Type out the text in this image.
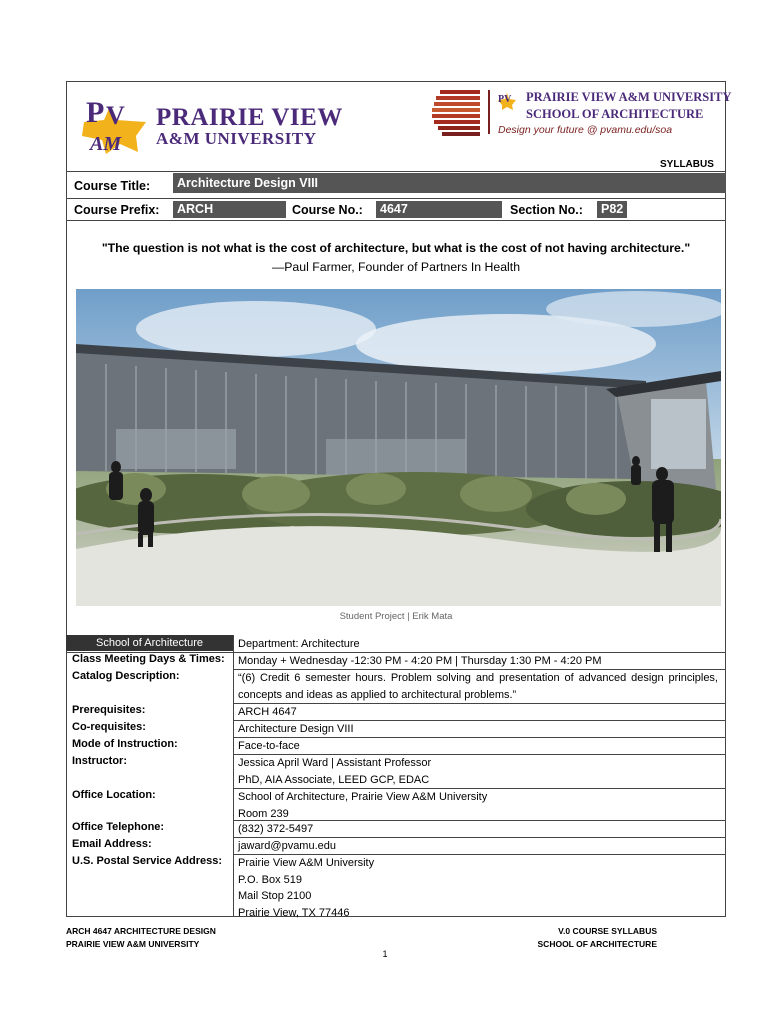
P V
AM
PRAIRIE VIEW
A&M UNIVERSITY
PV PRAIRIE VIEW A&M UNIVERSITY
SCHOOL OF ARCHITECTURE
Design your future @ pvamu.edu/soa
SYLLABUS
Course Title:	Architecture Design VIII
Course Prefix:	ARCH	Course No.:	4647	Section No.:	P82
"The question is not what is the cost of architecture, but what is the cost of not having architecture."
—Paul Farmer, Founder of Partners In Health
Student Project | Erik Mata
School of Architecture	Department: Architecture
Class Meeting Days & Times: Monday + Wednesday -12:30 PM - 4:20 PM | Thursday 1:30 PM - 4:20 PM
Catalog Description:	“(6) Credit 6 semester hours. Problem solving and presentation of advanced design principles, concepts and ideas as applied to architectural problems.”
Prerequisites:	ARCH 4647
Co-requisites:	Architecture Design VIII
Mode of Instruction:	Face-to-face
Instructor:	Jessica April Ward | Assistant Professor
PhD, AIA Associate, LEED GCP, EDAC
Office Location:	School of Architecture, Prairie View A&M University
Room 239
Office Telephone:	(832) 372-5497
Email Address:	jaward@pvamu.edu
U.S. Postal Service Address: Prairie View A&M University
P.O. Box 519
Mail Stop 2100
Prairie View, TX 77446
ARCH 4647 ARCHITECTURE DESIGN
PRAIRIE VIEW A&M UNIVERSITY
V.0 COURSE SYLLABUS
SCHOOL OF ARCHITECTURE
1
